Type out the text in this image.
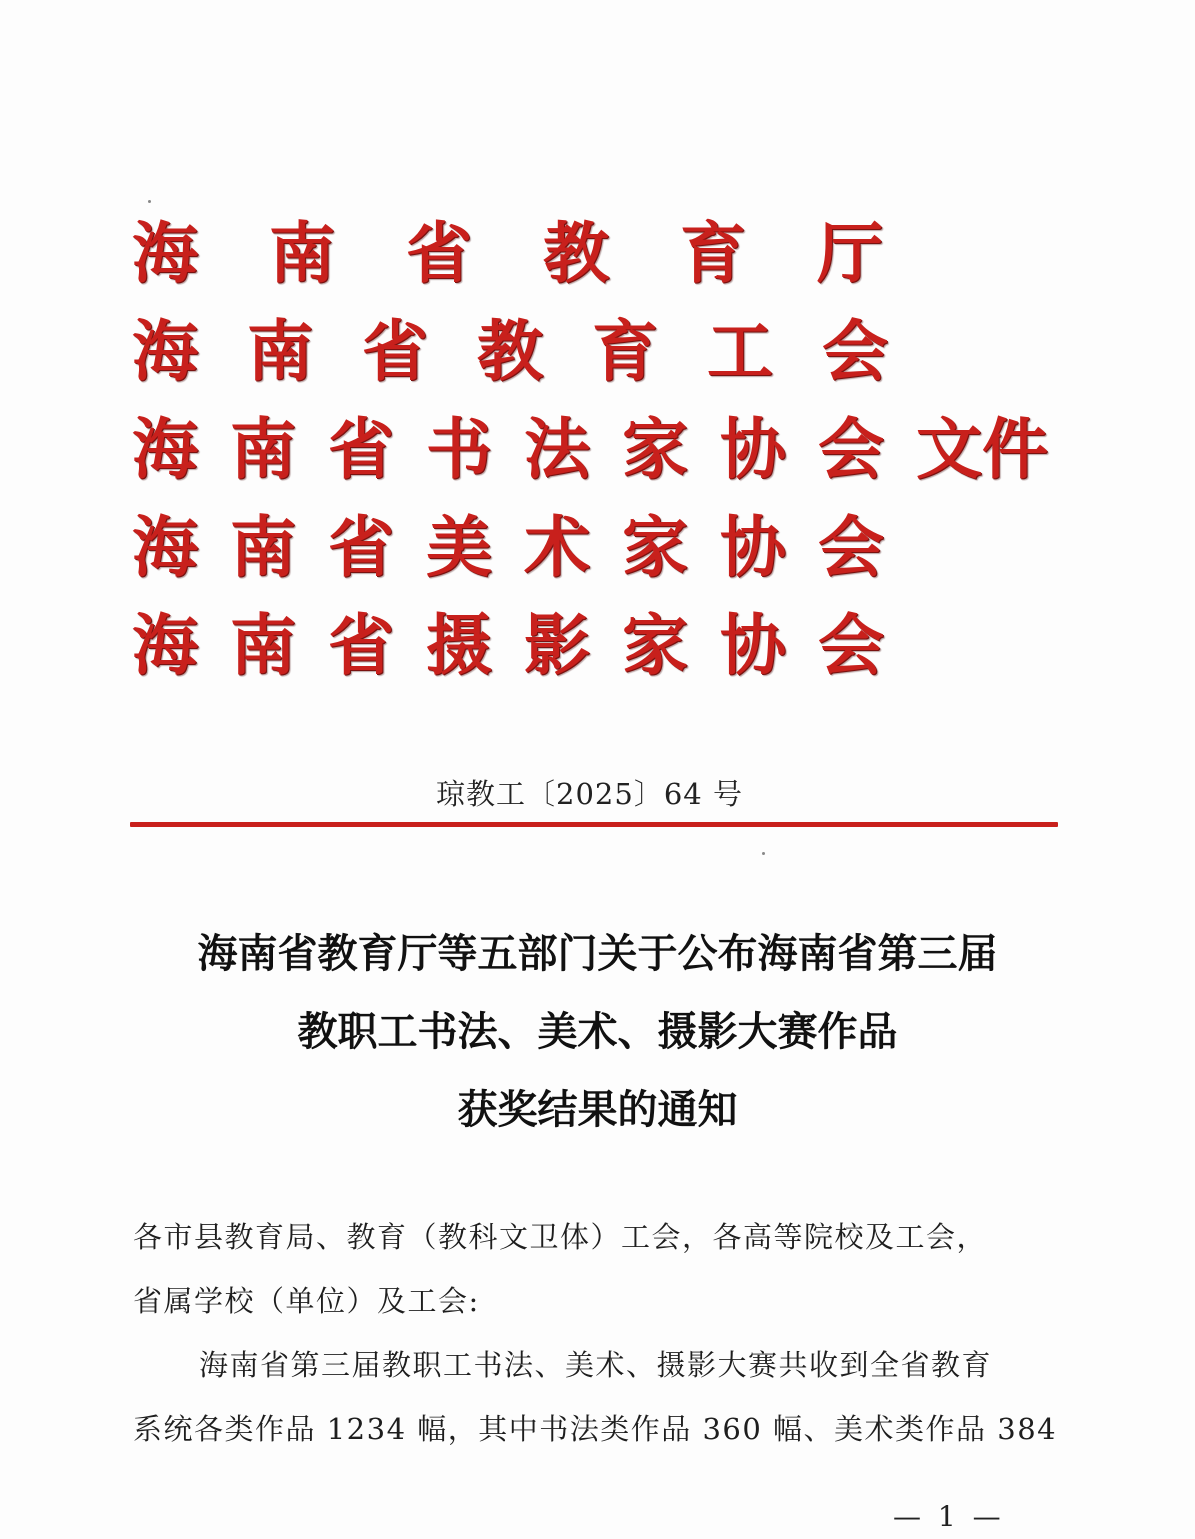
海	南	省	教	育	厅
海 南 省 教 育 工 会
海 南 省 书 法 家 协 会 文 件
海 南 省 美 术 家 协 会
海 南 省 摄 影 家 协 会
琼教工〔2025〕64 号
海南省教育厅等五部门关于公布海南省第三届
教职工书法、美术、摄影大赛作品
获奖结果的通知

各市县教育局、教育（教科文卫体）工会，各高等院校及工会，

省属学校（单位）及工会:

海南省第三届教职工书法、美术、摄影大赛共收到全省教育

系统各类作品 1234 幅，其中书法类作品 360 幅、美术类作品 384

— 1 —
